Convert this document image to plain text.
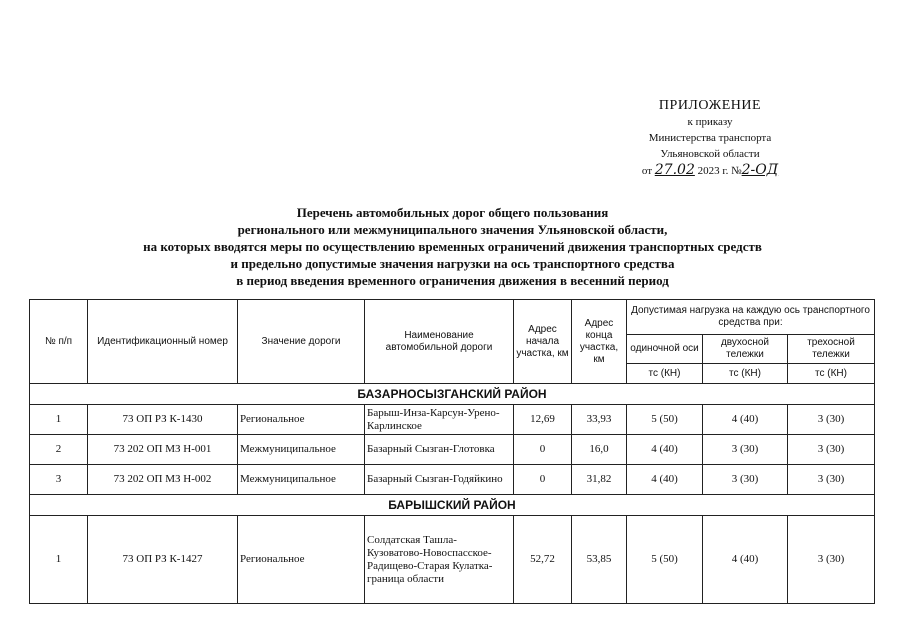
ПРИЛОЖЕНИЕ
к приказу
Министерства транспорта
Ульяновской области
от 27.02 2023 г. №2-ОД
Перечень автомобильных дорог общего пользования
регионального или межмуниципального значения Ульяновской области,
на которых вводятся меры по осуществлению временных ограничений движения транспортных средств
и предельно допустимые значения нагрузки на ось транспортного средства
в период введения временного ограничения движения в весенний период
№ п/п	Идентификационный номер	Значение дороги	Наименование автомобильной дороги	Адрес начала участка, км	Адрес конца участка, км	Допустимая нагрузка на каждую ось транспортного средства при:		
						одиночной оси	двухосной тележки	трехосной тележки
						тс (КН)	тс (КН)	тс (КН)
БАЗАРНОСЫЗГАНСКИЙ РАЙОН								
1	73 ОП РЗ К-1430	Региональное	Барыш-Инза-Карсун-Урено-Карлинское	12,69	33,93	5 (50)	4 (40)	3 (30)
2	73 202 ОП МЗ Н-001	Межмуниципальное	Базарный Сызган-Глотовка	0	16,0	4 (40)	3 (30)	3 (30)
3	73 202 ОП МЗ Н-002	Межмуниципальное	Базарный Сызган-Годяйкино	0	31,82	4 (40)	3 (30)	3 (30)
БАРЫШСКИЙ РАЙОН								
1	73 ОП РЗ К-1427	Региональное	Солдатская Ташла-Кузоватово-Новоспасское-Радищево-Старая Кулатка-граница области	52,72	53,85	5 (50)	4 (40)	3 (30)
